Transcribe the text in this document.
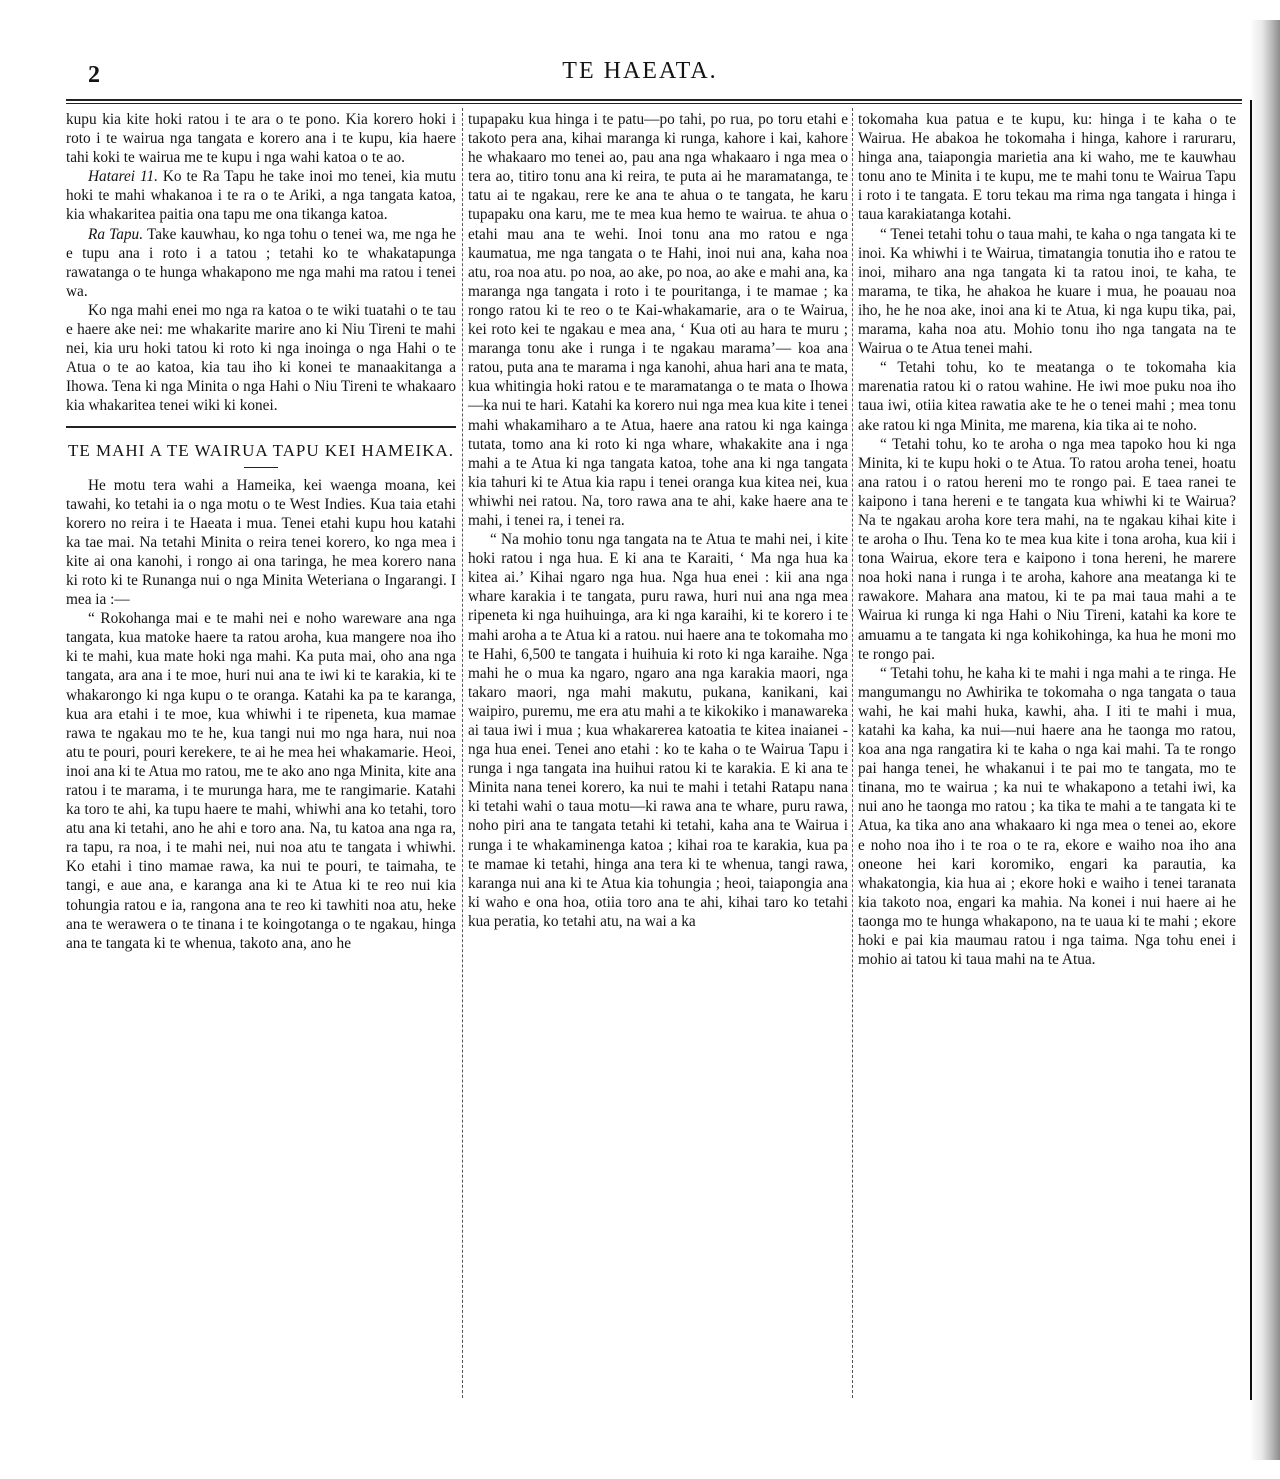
2	TE HAEATA.

kupu kia kite hoki ratou i te ara o te pono. Kia korero hoki i roto i te wairua nga tangata e korero ana i te kupu, kia haere tahi koki te wairua me te kupu i nga wahi katoa o te ao.

Hatarei 11. Ko te Ra Tapu he take inoi mo tenei, kia mutu hoki te mahi whakanoa i te ra o te Ariki, a nga tangata katoa, kia whakaritea paitia ona tapu me ona tikanga katoa.

Ra Tapu. Take kauwhau, ko nga tohu o tenei wa, me nga he e tupu ana i roto i a tatou ; tetahi ko te whakatapunga rawatanga o te hunga whakapono me nga mahi ma ratou i tenei wa.

Ko nga mahi enei mo nga ra katoa o te wiki tuatahi o te tau e haere ake nei: me whakarite marire ano ki Niu Tireni te mahi nei, kia uru hoki tatou ki roto ki nga inoinga o nga Hahi o te Atua o te ao katoa, kia tau iho ki konei te manaakitanga a Ihowa. Tena ki nga Minita o nga Hahi o Niu Tireni te whakaaro kia whakaritea tenei wiki ki konei.

TE MAHI A TE WAIRUA TAPU KEI HAMEIKA.

He motu tera wahi a Hameika, kei waenga moana, kei tawahi, ko tetahi ia o nga motu o te West Indies. Kua taia etahi korero no reira i te Haeata i mua. Tenei etahi kupu hou katahi ka tae mai. Na tetahi Minita o reira tenei korero, ko nga mea i kite ai ona kanohi, i rongo ai ona taringa, he mea korero nana ki roto ki te Runanga nui o nga Minita Weteriana o Ingarangi. I mea ia :—

“ Rokohanga mai e te mahi nei e noho wareware ana nga tangata, kua matoke haere ta ratou aroha, kua mangere noa iho ki te mahi, kua mate hoki nga mahi. Ka puta mai, oho ana nga tangata, ara ana i te moe, huri nui ana te iwi ki te karakia, ki te whakarongo ki nga kupu o te oranga. Katahi ka pa te karanga, kua ara etahi i te moe, kua whiwhi i te ripeneta, kua mamae rawa te ngakau mo te he, kua tangi nui mo nga hara, nui noa atu te pouri, pouri kerekere, te ai he mea hei whakamarie. Heoi, inoi ana ki te Atua mo ratou, me te ako ano nga Minita, kite ana ratou i te marama, i te murunga hara, me te rangimarie. Katahi ka toro te ahi, ka tupu haere te mahi, whiwhi ana ko tetahi, toro atu ana ki tetahi, ano he ahi e toro ana. Na, tu katoa ana nga ra, ra tapu, ra noa, i te mahi nei, nui noa atu te tangata i whiwhi. Ko etahi i tino mamae rawa, ka nui te pouri, te taimaha, te tangi, e aue ana, e karanga ana ki te Atua ki te reo nui kia tohungia ratou e ia, rangona ana te reo ki tawhiti noa atu, heke ana te werawera o te tinana i te koingotanga o te ngakau, hinga ana te tangata ki te whenua, takoto ana, ano he

tupapaku kua hinga i te patu—po tahi, po rua, po toru etahi e takoto pera ana, kihai maranga ki runga, kahore i kai, kahore he whakaaro mo tenei ao, pau ana nga whakaaro i nga mea o tera ao, titiro tonu ana ki reira, te puta ai he maramatanga, te tatu ai te ngakau, rere ke ana te ahua o te tangata, he karu tupapaku ona karu, me te mea kua hemo te wairua. te ahua o etahi mau ana te wehi. Inoi tonu ana mo ratou e nga kaumatua, me nga tangata o te Hahi, inoi nui ana, kaha noa atu, roa noa atu. po noa, ao ake, po noa, ao ake e mahi ana, ka maranga nga tangata i roto i te pouritanga, i te mamae ; ka rongo ratou ki te reo o te Kai-whakamarie, ara o te Wairua, kei roto kei te ngakau e mea ana, ‘ Kua oti au hara te muru ; maranga tonu ake i runga i te ngakau marama’— koa ana ratou, puta ana te marama i nga kanohi, ahua hari ana te mata, kua whitingia hoki ratou e te maramatanga o te mata o Ihowa—ka nui te hari. Katahi ka korero nui nga mea kua kite i tenei mahi whakamiharo a te Atua, haere ana ratou ki nga kainga tutata, tomo ana ki roto ki nga whare, whakakite ana i nga mahi a te Atua ki nga tangata katoa, tohe ana ki nga tangata kia tahuri ki te Atua kia rapu i tenei oranga kua kitea nei, kua whiwhi nei ratou. Na, toro rawa ana te ahi, kake haere ana te mahi, i tenei ra, i tenei ra.

“ Na mohio tonu nga tangata na te Atua te mahi nei, i kite hoki ratou i nga hua. E ki ana te Karaiti, ‘ Ma nga hua ka kitea ai.’ Kihai ngaro nga hua. Nga hua enei : kii ana nga whare karakia i te tangata, puru rawa, huri nui ana nga mea ripeneta ki nga huihuinga, ara ki nga karaihi, ki te korero i te mahi aroha a te Atua ki a ratou. nui haere ana te tokomaha mo te Hahi, 6,500 te tangata i huihuia ki roto ki nga karaihe. Nga mahi he o mua ka ngaro, ngaro ana nga karakia maori, nga takaro maori, nga mahi makutu, pukana, kanikani, kai waipiro, puremu, me era atu mahi a te kikokiko i manawareka ai taua iwi i mua ; kua whakarerea katoatia te kitea inaianei - nga hua enei. Tenei ano etahi : ko te kaha o te Wairua Tapu i runga i nga tangata ina huihui ratou ki te karakia. E ki ana te Minita nana tenei korero, ka nui te mahi i tetahi Ratapu nana ki tetahi wahi o taua motu—ki rawa ana te whare, puru rawa, noho piri ana te tangata tetahi ki tetahi, kaha ana te Wairua i runga i te whakaminenga katoa ; kihai roa te karakia, kua pa te mamae ki tetahi, hinga ana tera ki te whenua, tangi rawa, karanga nui ana ki te Atua kia tohungia ; heoi, taiapongia ana ki waho e ona hoa, otiia toro ana te ahi, kihai taro ko tetahi kua peratia, ko tetahi atu, na wai a ka

tokomaha kua patua e te kupu, ku: hinga i te kaha o te Wairua. He abakoa he tokomaha i hinga, kahore i raruraru, hinga ana, taiapongia marietia ana ki waho, me te kauwhau tonu ano te Minita i te kupu, me te mahi tonu te Wairua Tapu i roto i te tangata. E toru tekau ma rima nga tangata i hinga i taua karakiatanga kotahi.

“ Tenei tetahi tohu o taua mahi, te kaha o nga tangata ki te inoi. Ka whiwhi i te Wairua, timatangia tonutia iho e ratou te inoi, miharo ana nga tangata ki ta ratou inoi, te kaha, te marama, te tika, he ahakoa he kuare i mua, he poauau noa iho, he he noa ake, inoi ana ki te Atua, ki nga kupu tika, pai, marama, kaha noa atu. Mohio tonu iho nga tangata na te Wairua o te Atua tenei mahi.

“ Tetahi tohu, ko te meatanga o te tokomaha kia marenatia ratou ki o ratou wahine. He iwi moe puku noa iho taua iwi, otiia kitea rawatia ake te he o tenei mahi ; mea tonu ake ratou ki nga Minita, me marena, kia tika ai te noho.

“ Tetahi tohu, ko te aroha o nga mea tapoko hou ki nga Minita, ki te kupu hoki o te Atua. To ratou aroha tenei, hoatu ana ratou i o ratou hereni mo te rongo pai. E taea ranei te kaipono i tana hereni e te tangata kua whiwhi ki te Wairua? Na te ngakau aroha kore tera mahi, na te ngakau kihai kite i te aroha o Ihu. Tena ko te mea kua kite i tona aroha, kua kii i tona Wairua, ekore tera e kaipono i tona hereni, he marere noa hoki nana i runga i te aroha, kahore ana meatanga ki te rawakore. Mahara ana matou, ki te pa mai taua mahi a te Wairua ki runga ki nga Hahi o Niu Tireni, katahi ka kore te amuamu a te tangata ki nga kohikohinga, ka hua he moni mo te rongo pai.

“ Tetahi tohu, he kaha ki te mahi i nga mahi a te ringa. He mangumangu no Awhirika te tokomaha o nga tangata o taua wahi, he kai mahi huka, kawhi, aha. I iti te mahi i mua, katahi ka kaha, ka nui—nui haere ana he taonga mo ratou, koa ana nga rangatira ki te kaha o nga kai mahi. Ta te rongo pai hanga tenei, he whakanui i te pai mo te tangata, mo te tinana, mo te wairua ; ka nui te whakapono a tetahi iwi, ka nui ano he taonga mo ratou ; ka tika te mahi a te tangata ki te Atua, ka tika ano ana whakaaro ki nga mea o tenei ao, ekore e noho noa iho i te roa o te ra, ekore e waiho noa iho ana oneone hei kari koromiko, engari ka parautia, ka whakatongia, kia hua ai ; ekore hoki e waiho i tenei taranata kia takoto noa, engari ka mahia. Na konei i nui haere ai he taonga mo te hunga whakapono, na te uaua ki te mahi ; ekore hoki e pai kia maumau ratou i nga taima. Nga tohu enei i mohio ai tatou ki taua mahi na te Atua.
